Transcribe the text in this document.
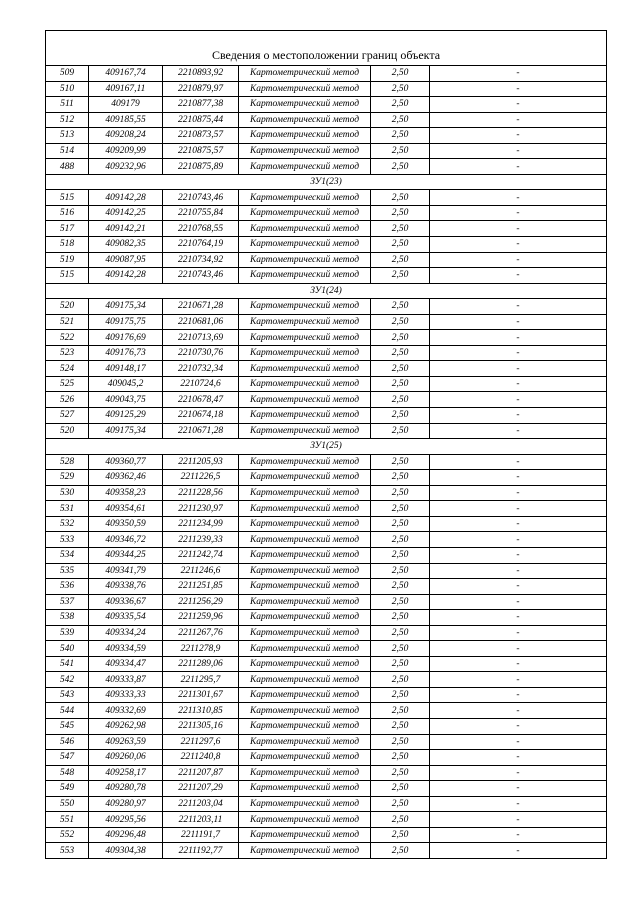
Сведения о местоположении границ объекта					
509	409167,74	2210893,92	Картометрический метод	2,50	-
510	409167,11	2210879,97	Картометрический метод	2,50	-
511	409179	2210877,38	Картометрический метод	2,50	-
512	409185,55	2210875,44	Картометрический метод	2,50	-
513	409208,24	2210873,57	Картометрический метод	2,50	-
514	409209,99	2210875,57	Картометрический метод	2,50	-
488	409232,96	2210875,89	Картометрический метод	2,50	-
ЗУ1(23)					
515	409142,28	2210743,46	Картометрический метод	2,50	-
516	409142,25	2210755,84	Картометрический метод	2,50	-
517	409142,21	2210768,55	Картометрический метод	2,50	-
518	409082,35	2210764,19	Картометрический метод	2,50	-
519	409087,95	2210734,92	Картометрический метод	2,50	-
515	409142,28	2210743,46	Картометрический метод	2,50	-
ЗУ1(24)					
520	409175,34	2210671,28	Картометрический метод	2,50	-
521	409175,75	2210681,06	Картометрический метод	2,50	-
522	409176,69	2210713,69	Картометрический метод	2,50	-
523	409176,73	2210730,76	Картометрический метод	2,50	-
524	409148,17	2210732,34	Картометрический метод	2,50	-
525	409045,2	2210724,6	Картометрический метод	2,50	-
526	409043,75	2210678,47	Картометрический метод	2,50	-
527	409125,29	2210674,18	Картометрический метод	2,50	-
520	409175,34	2210671,28	Картометрический метод	2,50	-
ЗУ1(25)					
528	409360,77	2211205,93	Картометрический метод	2,50	-
529	409362,46	2211226,5	Картометрический метод	2,50	-
530	409358,23	2211228,56	Картометрический метод	2,50	-
531	409354,61	2211230,97	Картометрический метод	2,50	-
532	409350,59	2211234,99	Картометрический метод	2,50	-
533	409346,72	2211239,33	Картометрический метод	2,50	-
534	409344,25	2211242,74	Картометрический метод	2,50	-
535	409341,79	2211246,6	Картометрический метод	2,50	-
536	409338,76	2211251,85	Картометрический метод	2,50	-
537	409336,67	2211256,29	Картометрический метод	2,50	-
538	409335,54	2211259,96	Картометрический метод	2,50	-
539	409334,24	2211267,76	Картометрический метод	2,50	-
540	409334,59	2211278,9	Картометрический метод	2,50	-
541	409334,47	2211289,06	Картометрический метод	2,50	-
542	409333,87	2211295,7	Картометрический метод	2,50	-
543	409333,33	2211301,67	Картометрический метод	2,50	-
544	409332,69	2211310,85	Картометрический метод	2,50	-
545	409262,98	2211305,16	Картометрический метод	2,50	-
546	409263,59	2211297,6	Картометрический метод	2,50	-
547	409260,06	2211240,8	Картометрический метод	2,50	-
548	409258,17	2211207,87	Картометрический метод	2,50	-
549	409280,78	2211207,29	Картометрический метод	2,50	-
550	409280,97	2211203,04	Картометрический метод	2,50	-
551	409295,56	2211203,11	Картометрический метод	2,50	-
552	409296,48	2211191,7	Картометрический метод	2,50	-
553	409304,38	2211192,77	Картометрический метод	2,50	-
